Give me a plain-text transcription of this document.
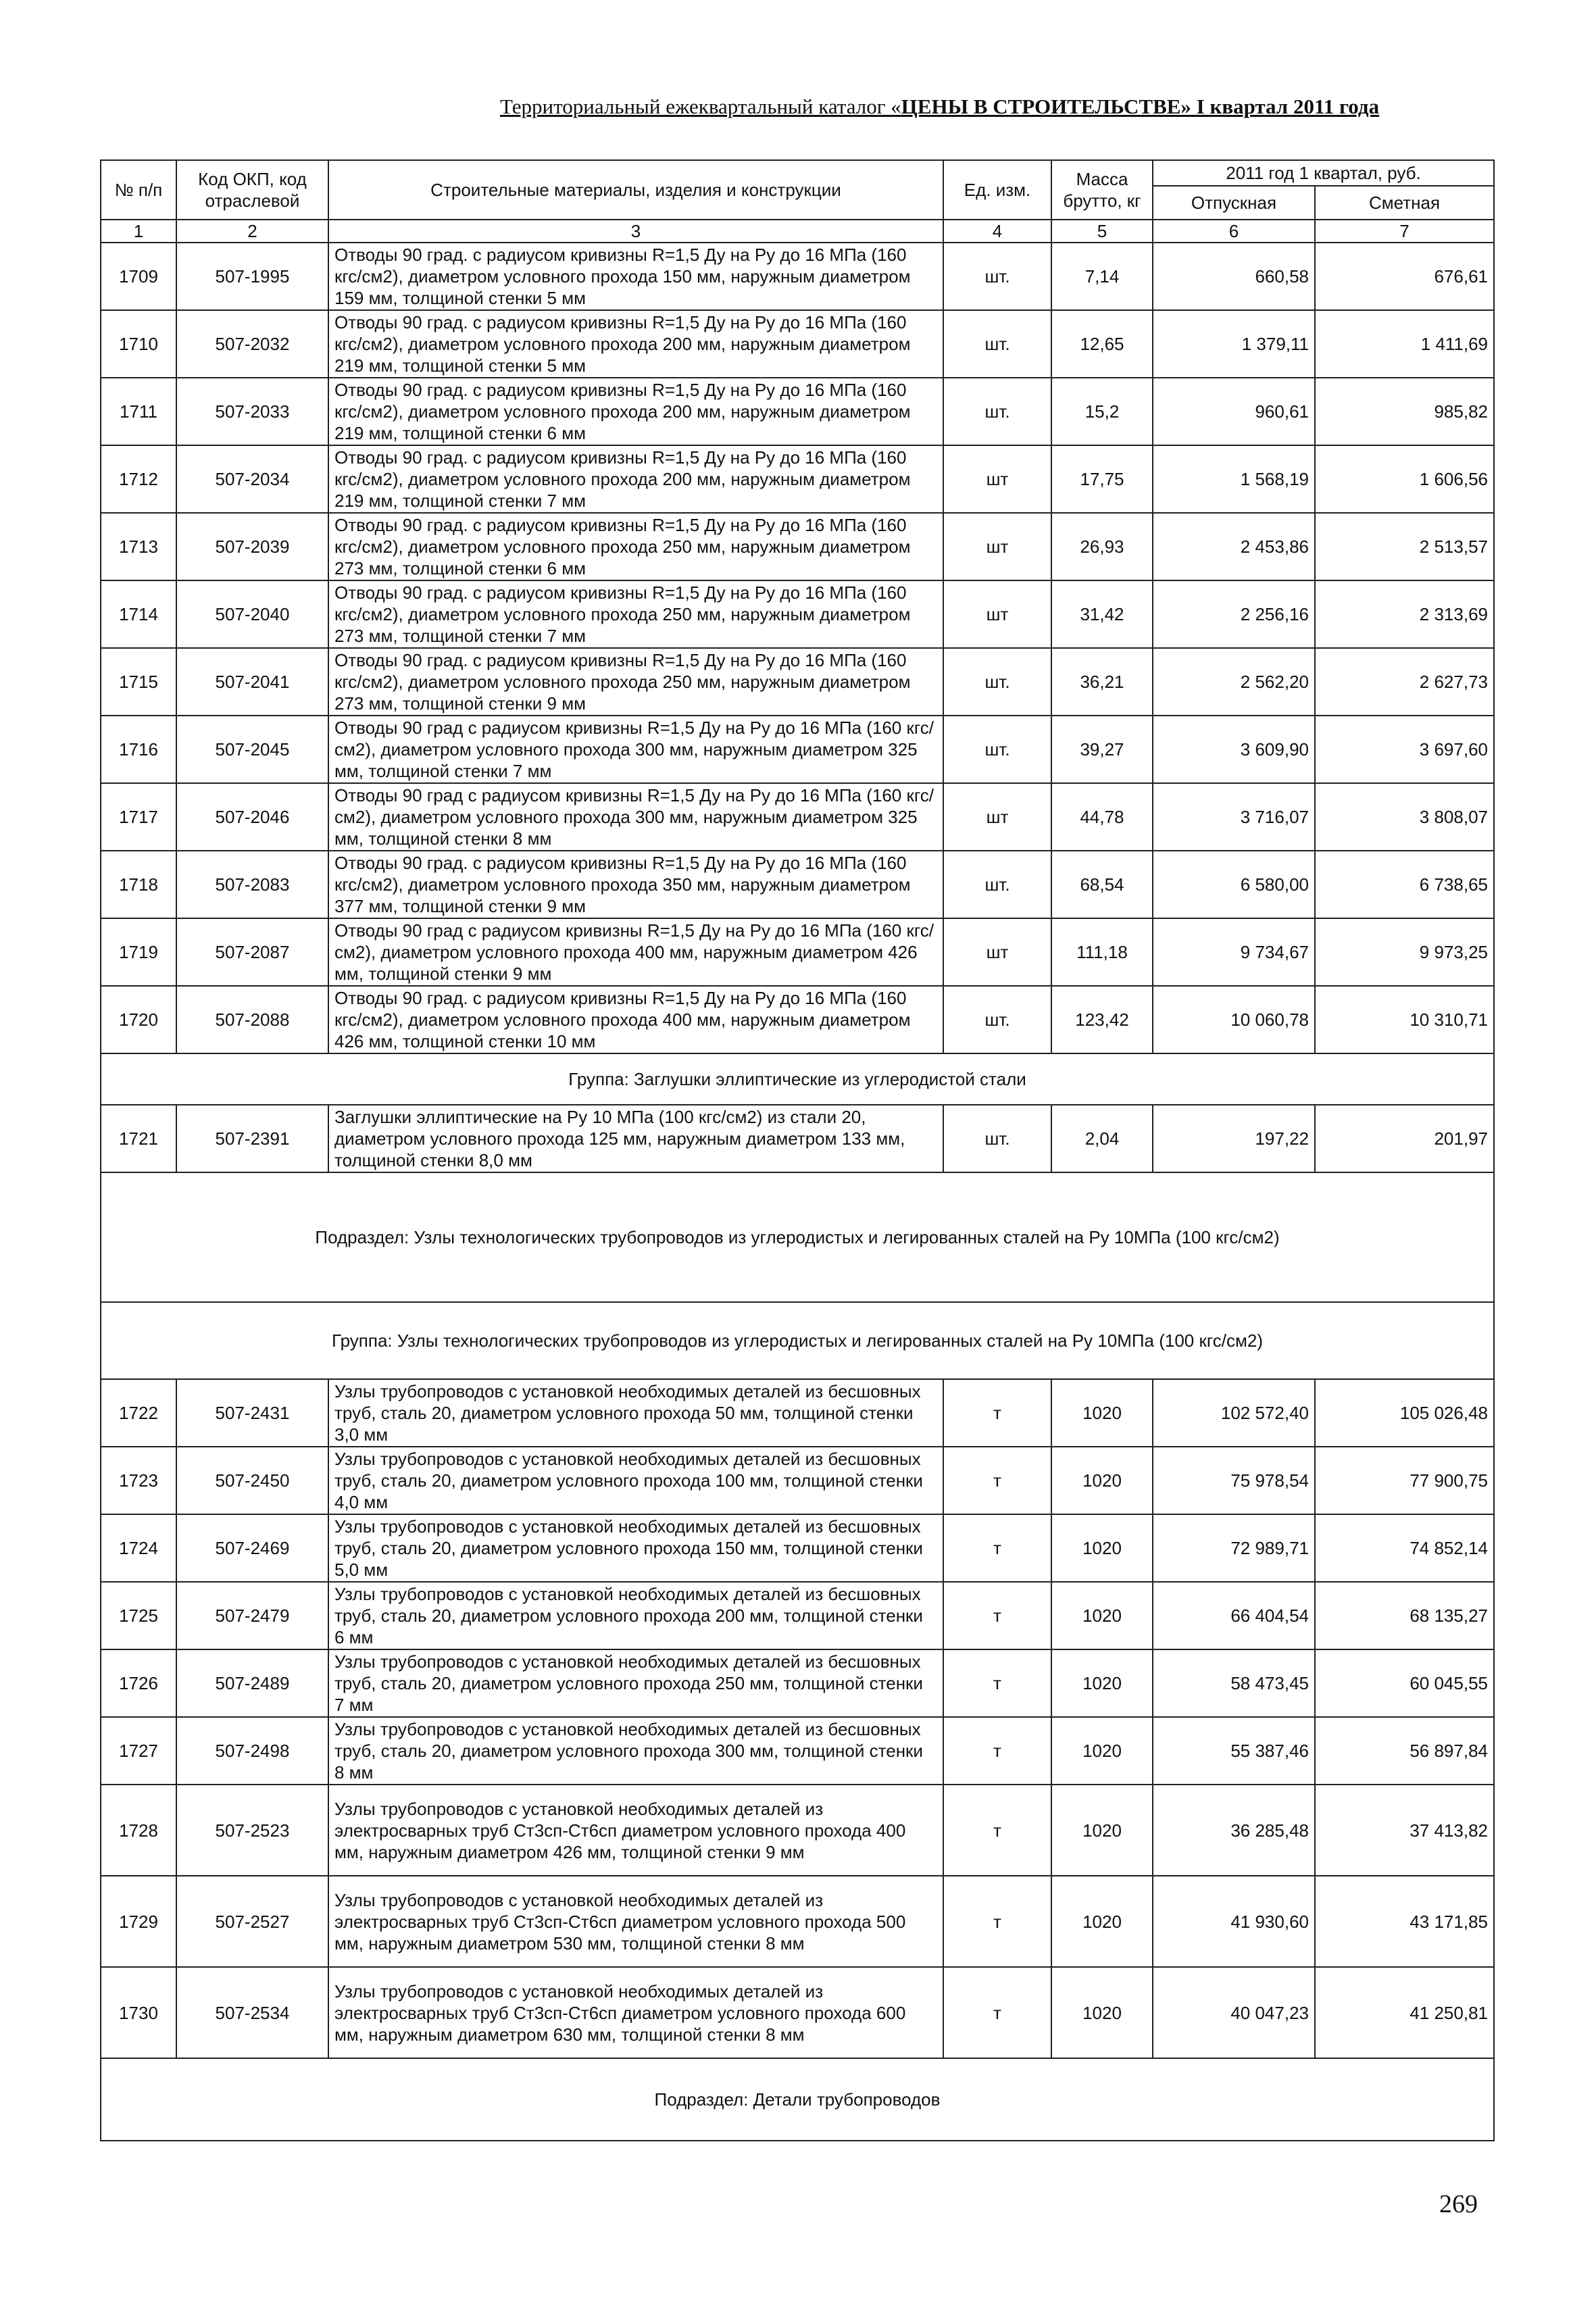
Территориальный ежеквартальный каталог «ЦЕНЫ В СТРОИТЕЛЬСТВЕ» I квартал 2011 года
№ п/п	Код ОКП, код отраслевой	Строительные материалы, изделия и конструкции	Ед. изм.	Масса брутто, кг	2011 год 1 квартал, руб.	
					Отпускная	Сметная
1	2	3	4	5	6	7
1709	507-1995	Отводы 90 град. с радиусом кривизны R=1,5 Ду на Ру до 16 МПа (160 кгс/см2), диаметром условного прохода 150 мм, наружным диаметром 159 мм, толщиной стенки 5 мм	шт.	7,14	660,58	676,61
1710	507-2032	Отводы 90 град. с радиусом кривизны R=1,5 Ду на Ру до 16 МПа (160 кгс/см2), диаметром условного прохода 200 мм, наружным диаметром 219 мм, толщиной стенки 5 мм	шт.	12,65	1 379,11	1 411,69
1711	507-2033	Отводы 90 град. с радиусом кривизны R=1,5 Ду на Ру до 16 МПа (160 кгс/см2), диаметром условного прохода 200 мм, наружным диаметром 219 мм, толщиной стенки 6 мм	шт.	15,2	960,61	985,82
1712	507-2034	Отводы 90 град. с радиусом кривизны R=1,5 Ду на Ру до 16 МПа (160 кгс/см2), диаметром условного прохода 200 мм, наружным диаметром 219 мм, толщиной стенки 7 мм	шт	17,75	1 568,19	1 606,56
1713	507-2039	Отводы 90 град. с радиусом кривизны R=1,5 Ду на Ру до 16 МПа (160 кгс/см2), диаметром условного прохода 250 мм, наружным диаметром 273 мм, толщиной стенки 6 мм	шт	26,93	2 453,86	2 513,57
1714	507-2040	Отводы 90 град. с радиусом кривизны R=1,5 Ду на Ру до 16 МПа (160 кгс/см2), диаметром условного прохода 250 мм, наружным диаметром 273 мм, толщиной стенки 7 мм	шт	31,42	2 256,16	2 313,69
1715	507-2041	Отводы 90 град. с радиусом кривизны R=1,5 Ду на Ру до 16 МПа (160 кгс/см2), диаметром условного прохода 250 мм, наружным диаметром 273 мм, толщиной стенки 9 мм	шт.	36,21	2 562,20	2 627,73
1716	507-2045	Отводы 90 град с радиусом кривизны R=1,5 Ду на Ру до 16 МПа (160 кгс/см2), диаметром условного прохода 300 мм, наружным диаметром 325 мм, толщиной стенки 7 мм	шт.	39,27	3 609,90	3 697,60
1717	507-2046	Отводы 90 град с радиусом кривизны R=1,5 Ду на Ру до 16 МПа (160 кгс/см2), диаметром условного прохода 300 мм, наружным диаметром 325 мм, толщиной стенки 8 мм	шт	44,78	3 716,07	3 808,07
1718	507-2083	Отводы 90 град. с радиусом кривизны R=1,5 Ду на Ру до 16 МПа (160 кгс/см2), диаметром условного прохода 350 мм, наружным диаметром 377 мм, толщиной стенки 9 мм	шт.	68,54	6 580,00	6 738,65
1719	507-2087	Отводы 90 град с радиусом кривизны R=1,5 Ду на Ру до 16 МПа (160 кгс/см2), диаметром условного прохода 400 мм, наружным диаметром 426 мм, толщиной стенки 9 мм	шт	111,18	9 734,67	9 973,25
1720	507-2088	Отводы 90 град. с радиусом кривизны R=1,5 Ду на Ру до 16 МПа (160 кгс/см2), диаметром условного прохода 400 мм, наружным диаметром 426 мм, толщиной стенки 10 мм	шт.	123,42	10 060,78	10 310,71
Группа: Заглушки эллиптические из углеродистой стали						
1721	507-2391	Заглушки эллиптические на Ру 10 МПа (100 кгс/см2) из стали 20, диаметром условного прохода 125 мм, наружным диаметром 133 мм, толщиной стенки 8,0 мм	шт.	2,04	197,22	201,97
Подраздел: Узлы технологических трубопроводов из углеродистых и легированных сталей на Ру 10МПа (100 кгс/см2)						
Группа: Узлы технологических трубопроводов из углеродистых и легированных сталей на Ру 10МПа (100 кгс/см2)						
1722	507-2431	Узлы трубопроводов с установкой необходимых деталей из бесшовных труб, сталь 20, диаметром условного прохода 50 мм, толщиной стенки 3,0 мм	т	1020	102 572,40	105 026,48
1723	507-2450	Узлы трубопроводов с установкой необходимых деталей из бесшовных труб, сталь 20, диаметром условного прохода 100 мм, толщиной стенки 4,0 мм	т	1020	75 978,54	77 900,75
1724	507-2469	Узлы трубопроводов с установкой необходимых деталей из бесшовных труб, сталь 20, диаметром условного прохода 150 мм, толщиной стенки 5,0 мм	т	1020	72 989,71	74 852,14
1725	507-2479	Узлы трубопроводов с установкой необходимых деталей из бесшовных труб, сталь 20, диаметром условного прохода 200 мм, толщиной стенки 6 мм	т	1020	66 404,54	68 135,27
1726	507-2489	Узлы трубопроводов с установкой необходимых деталей из бесшовных труб, сталь 20, диаметром условного прохода 250 мм, толщиной стенки 7 мм	т	1020	58 473,45	60 045,55
1727	507-2498	Узлы трубопроводов с установкой необходимых деталей из бесшовных труб, сталь 20, диаметром условного прохода 300 мм, толщиной стенки 8 мм	т	1020	55 387,46	56 897,84
1728	507-2523	Узлы трубопроводов с установкой необходимых деталей из электросварных труб Ст3сп-Ст6сп диаметром условного прохода 400 мм, наружным диаметром 426 мм, толщиной стенки 9 мм	т	1020	36 285,48	37 413,82
1729	507-2527	Узлы трубопроводов с установкой необходимых деталей из электросварных труб Ст3сп-Ст6сп диаметром условного прохода 500 мм, наружным диаметром 530 мм, толщиной стенки 8 мм	т	1020	41 930,60	43 171,85
1730	507-2534	Узлы трубопроводов с установкой необходимых деталей из электросварных труб Ст3сп-Ст6сп диаметром условного прохода 600 мм, наружным диаметром 630 мм, толщиной стенки 8 мм	т	1020	40 047,23	41 250,81
Подраздел: Детали трубопроводов						
269
